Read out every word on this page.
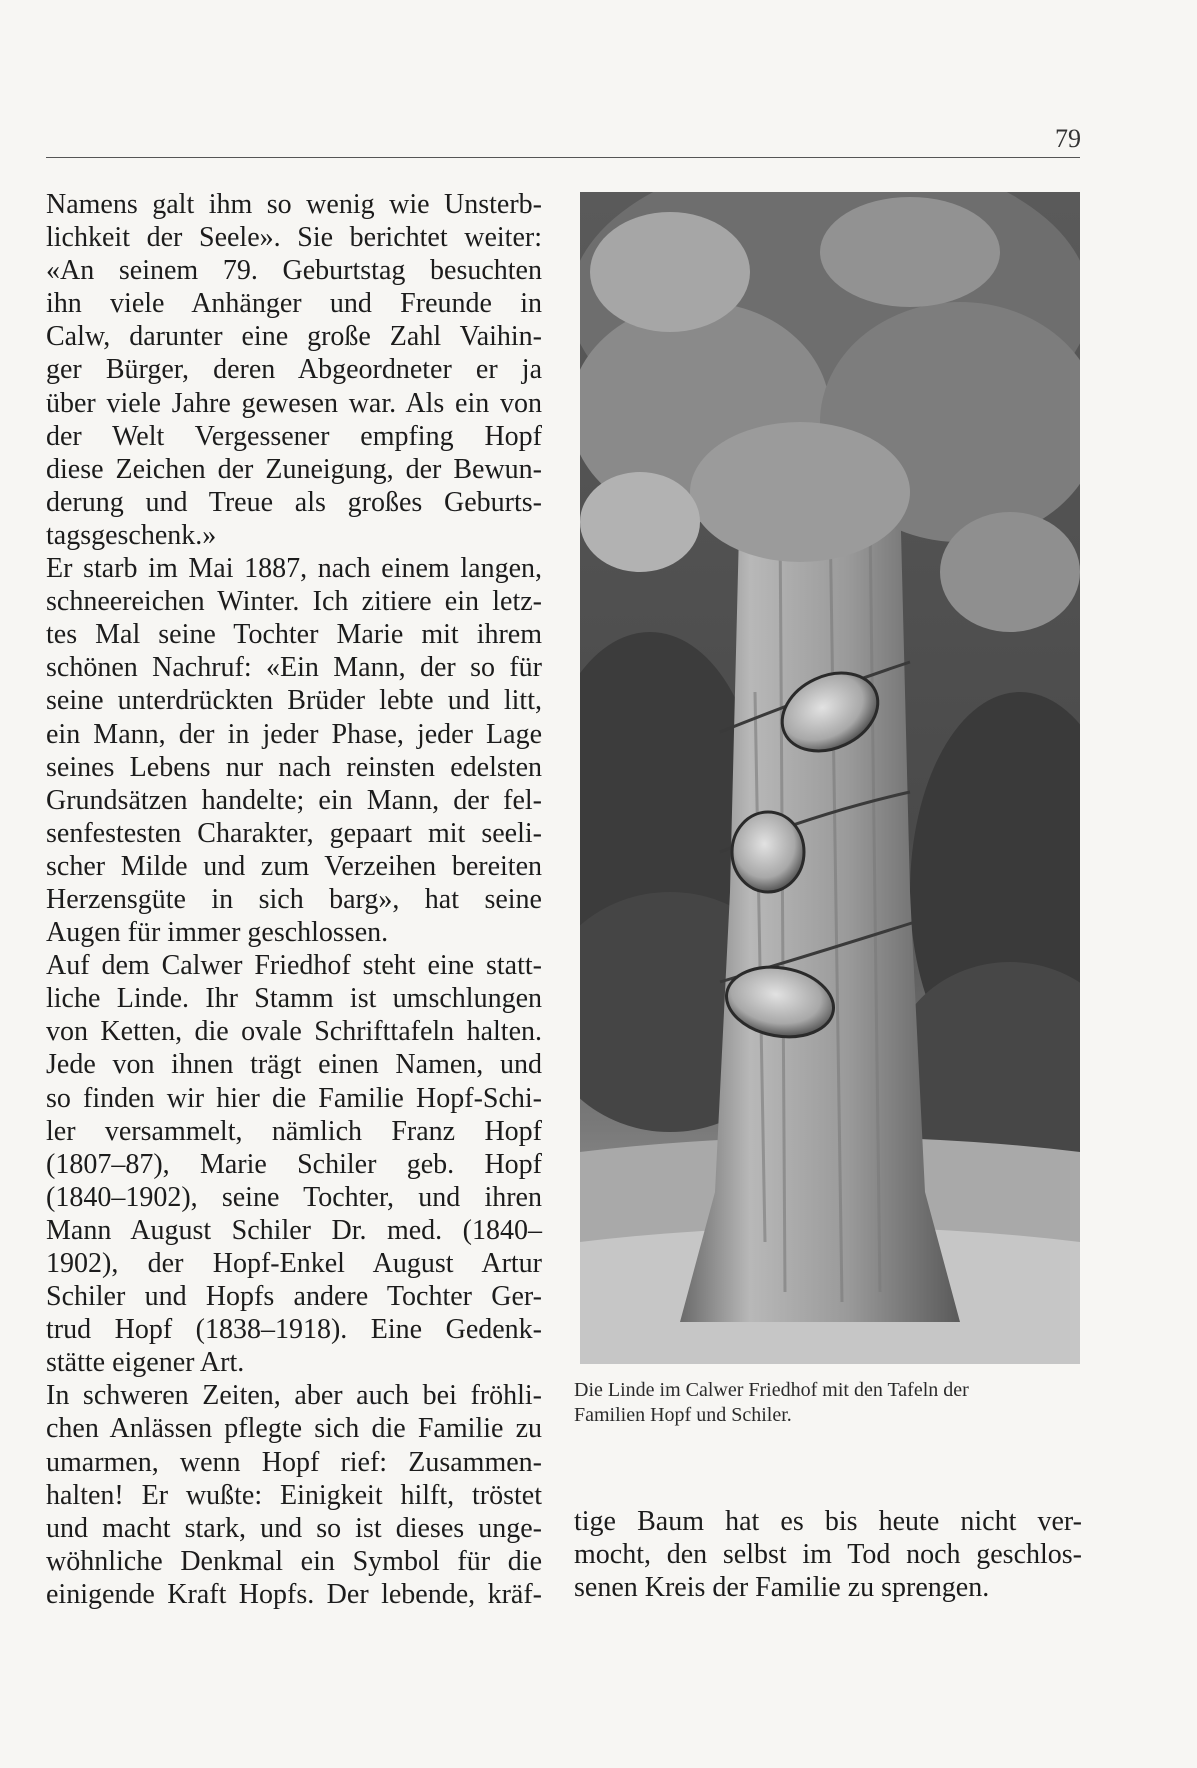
79
Namens galt ihm so wenig wie Unsterb-
lichkeit der Seele». Sie berichtet weiter:
«An seinem 79. Geburtstag besuchten
ihn viele Anhänger und Freunde in
Calw, darunter eine große Zahl Vaihin-
ger Bürger, deren Abgeordneter er ja
über viele Jahre gewesen war. Als ein von
der Welt Vergessener empfing Hopf
diese Zeichen der Zuneigung, der Bewun-
derung und Treue als großes Geburts-
tagsgeschenk.»
Er starb im Mai 1887, nach einem langen,
schneereichen Winter. Ich zitiere ein letz-
tes Mal seine Tochter Marie mit ihrem
schönen Nachruf: «Ein Mann, der so für
seine unterdrückten Brüder lebte und litt,
ein Mann, der in jeder Phase, jeder Lage
seines Lebens nur nach reinsten edelsten
Grundsätzen handelte; ein Mann, der fel-
senfestesten Charakter, gepaart mit seeli-
scher Milde und zum Verzeihen bereiten
Herzensgüte in sich barg», hat seine
Augen für immer geschlossen.
Auf dem Calwer Friedhof steht eine statt-
liche Linde. Ihr Stamm ist umschlungen
von Ketten, die ovale Schrifttafeln halten.
Jede von ihnen trägt einen Namen, und
so finden wir hier die Familie Hopf-Schi-
ler versammelt, nämlich Franz Hopf
(1807–87), Marie Schiler geb. Hopf
(1840–1902), seine Tochter, und ihren
Mann August Schiler Dr. med. (1840–
1902), der Hopf-Enkel August Artur
Schiler und Hopfs andere Tochter Ger-
trud Hopf (1838–1918). Eine Gedenk-
stätte eigener Art.
In schweren Zeiten, aber auch bei fröhli-
chen Anlässen pflegte sich die Familie zu
umarmen, wenn Hopf rief: Zusammen-
halten! Er wußte: Einigkeit hilft, tröstet
und macht stark, und so ist dieses unge-
wöhnliche Denkmal ein Symbol für die
einigende Kraft Hopfs. Der lebende, kräf-
Die Linde im Calwer Friedhof mit den Tafeln der
Familien Hopf und Schiler.
tige Baum hat es bis heute nicht ver-
mocht, den selbst im Tod noch geschlos-
senen Kreis der Familie zu sprengen.
